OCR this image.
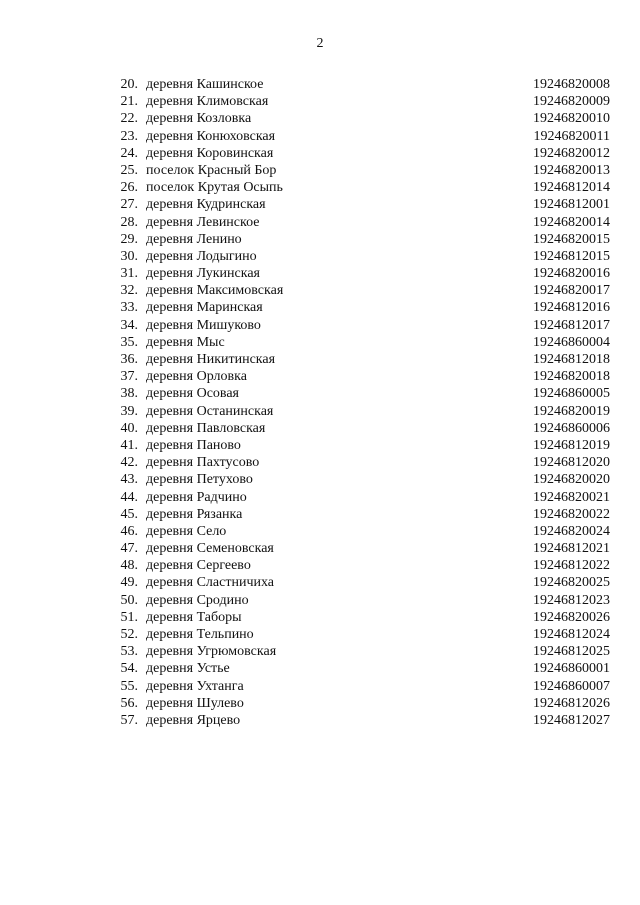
2
20. деревня Кашинское	19246820008
21. деревня Климовская	19246820009
22. деревня Козловка	19246820010
23. деревня Конюховская	19246820011
24. деревня Коровинская	19246820012
25. поселок Красный Бор	19246820013
26. поселок Крутая Осыпь	19246812014
27. деревня Кудринская	19246812001
28. деревня Левинское	19246820014
29. деревня Ленино	19246820015
30. деревня Лодыгино	19246812015
31. деревня Лукинская	19246820016
32. деревня Максимовская	19246820017
33. деревня Маринская	19246812016
34. деревня Мишуково	19246812017
35. деревня Мыс	19246860004
36. деревня Никитинская	19246812018
37. деревня Орловка	19246820018
38. деревня Осовая	19246860005
39. деревня Останинская	19246820019
40. деревня Павловская	19246860006
41. деревня Паново	19246812019
42. деревня Пахтусово	19246812020
43. деревня Петухово	19246820020
44. деревня Радчино	19246820021
45. деревня Рязанка	19246820022
46. деревня Село	19246820024
47. деревня Семеновская	19246812021
48. деревня Сергеево	19246812022
49. деревня Сластничиха	19246820025
50. деревня Сродино	19246812023
51. деревня Таборы	19246820026
52. деревня Тельпино	19246812024
53. деревня Угрюмовская	19246812025
54. деревня Устье	19246860001
55. деревня Ухтанга	19246860007
56. деревня Шулево	19246812026
57. деревня Ярцево	19246812027
